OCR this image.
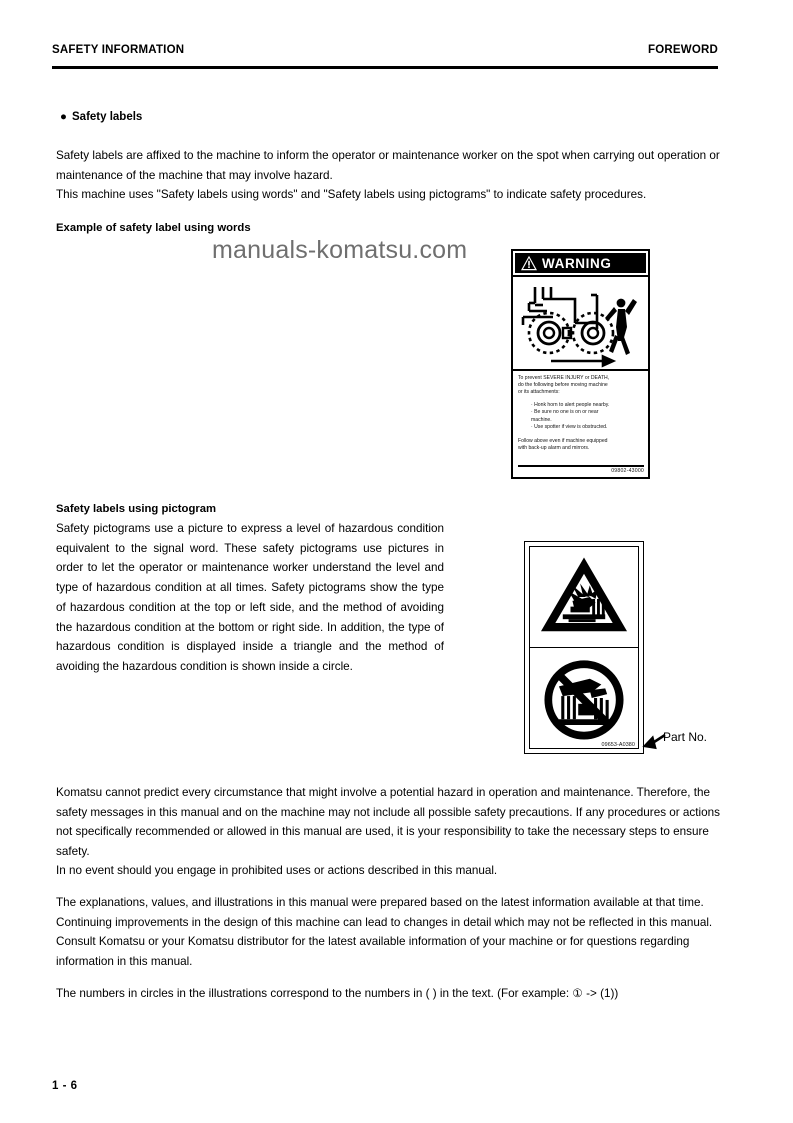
SAFETY INFORMATION	FOREWORD
● Safety labels
Safety labels are affixed to the machine to inform the operator or maintenance worker on the spot when carrying out operation or maintenance of the machine that may involve hazard.
This machine uses "Safety labels using words" and "Safety labels using pictograms" to indicate safety procedures.
Example of safety label using words
manuals-komatsu.com	WARNING
To prevent SEVERE INJURY or DEATH,
do the following before moving machine
or its attachments:
· Honk horn to alert people nearby.
· Be sure no one is on or near
machine.
· Use spotter if view is obstructed.
Follow above even if machine equipped
with back-up alarm and mirrors.
09802-43000
Safety labels using pictogram
Safety pictograms use a picture to express a level of hazardous condition equivalent to the signal word. These safety pictograms use pictures in order to let the operator or maintenance worker understand the level and type of hazardous condition at all times. Safety pictograms show the type of hazardous condition at the top or left side, and the method of avoiding the hazardous condition at the bottom or right side. In addition, the type of hazardous condition is displayed inside a triangle and the method of avoiding the hazardous condition is shown inside a circle.
09653-A0380
Part No.
Komatsu cannot predict every circumstance that might involve a potential hazard in operation and maintenance. Therefore, the safety messages in this manual and on the machine may not include all possible safety precautions. If any procedures or actions not specifically recommended or allowed in this manual are used, it is your responsibility to take the necessary steps to ensure safety.
In no event should you engage in prohibited uses or actions described in this manual.
The explanations, values, and illustrations in this manual were prepared based on the latest information available at that time. Continuing improvements in the design of this machine can lead to changes in detail which may not be reflected in this manual. Consult Komatsu or your Komatsu distributor for the latest available information of your machine or for questions regarding information in this manual.
The numbers in circles in the illustrations correspond to the numbers in ( ) in the text. (For example: ① -> (1))
1 - 6
